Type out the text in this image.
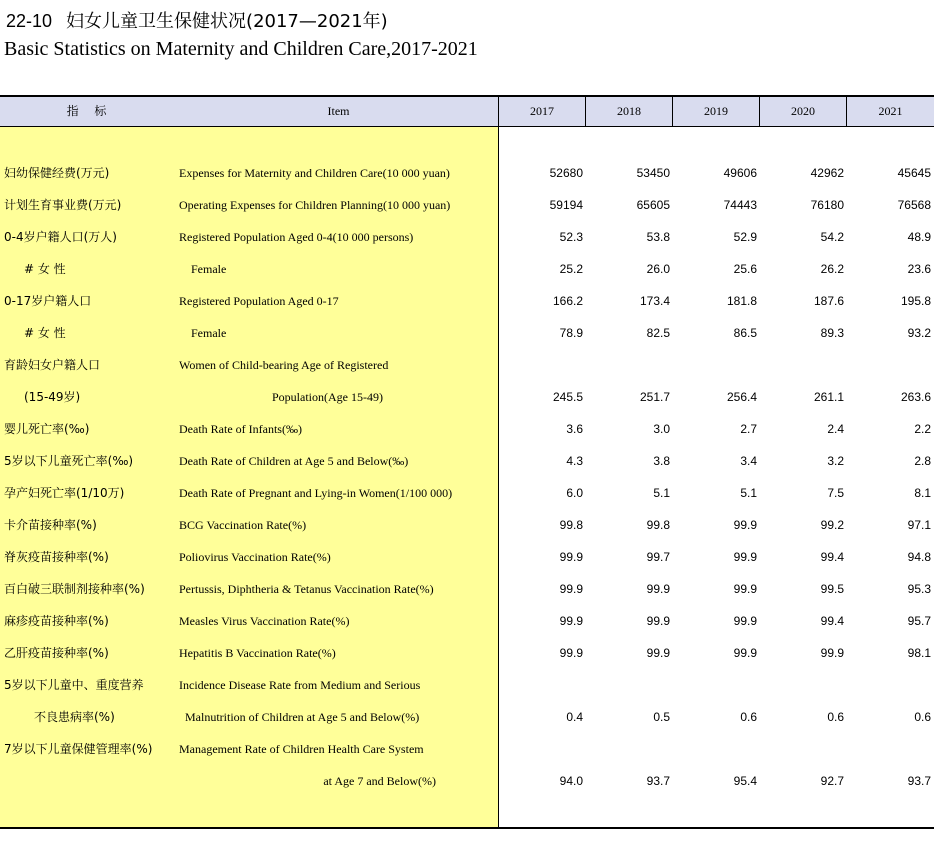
22-10 妇女儿童卫生保健状况(2017—2021年)
Basic Statistics on Maternity and Children Care,2017-2021
指 标	Item	2017	2018	2019	2020	2021
妇幼保健经费(万元)	Expenses for Maternity and Children Care(10 000 yuan)	52680	53450	49606	42962	45645
计划生育事业费(万元)	Operating Expenses for Children Planning(10 000 yuan)	59194	65605	74443	76180	76568
0-4岁户籍人口(万人)	Registered Population Aged 0-4(10 000 persons)	52.3	53.8	52.9	54.2	48.9
# 女 性	Female	25.2	26.0	25.6	26.2	23.6
0-17岁户籍人口	Registered Population Aged 0-17	166.2	173.4	181.8	187.6	195.8
# 女 性	Female	78.9	82.5	86.5	89.3	93.2
育龄妇女户籍人口	Women of Child-bearing Age of Registered
(15-49岁)	Population(Age 15-49)	245.5	251.7	256.4	261.1	263.6
婴儿死亡率(‰)	Death Rate of Infants(‰)	3.6	3.0	2.7	2.4	2.2
5岁以下儿童死亡率(‰)	Death Rate of Children at Age 5 and Below(‰)	4.3	3.8	3.4	3.2	2.8
孕产妇死亡率(1/10万)	Death Rate of Pregnant and Lying-in Women(1/100 000)	6.0	5.1	5.1	7.5	8.1
卡介苗接种率(%)	BCG Vaccination Rate(%)	99.8	99.8	99.9	99.2	97.1
脊灰疫苗接种率(%)	Poliovirus Vaccination Rate(%)	99.9	99.7	99.9	99.4	94.8
百白破三联制剂接种率(%)	Pertussis, Diphtheria & Tetanus Vaccination Rate(%)	99.9	99.9	99.9	99.5	95.3
麻疹疫苗接种率(%)	Measles Virus Vaccination Rate(%)	99.9	99.9	99.9	99.4	95.7
乙肝疫苗接种率(%)	Hepatitis B Vaccination Rate(%)	99.9	99.9	99.9	99.9	98.1
5岁以下儿童中、重度营养	Incidence Disease Rate from Medium and Serious
不良患病率(%)	Malnutrition of Children at Age 5 and Below(%)	0.4	0.5	0.6	0.6	0.6
7岁以下儿童保健管理率(%) Management Rate of Children Health Care System
at Age 7 and Below(%)	94.0	93.7	95.4	92.7	93.7
